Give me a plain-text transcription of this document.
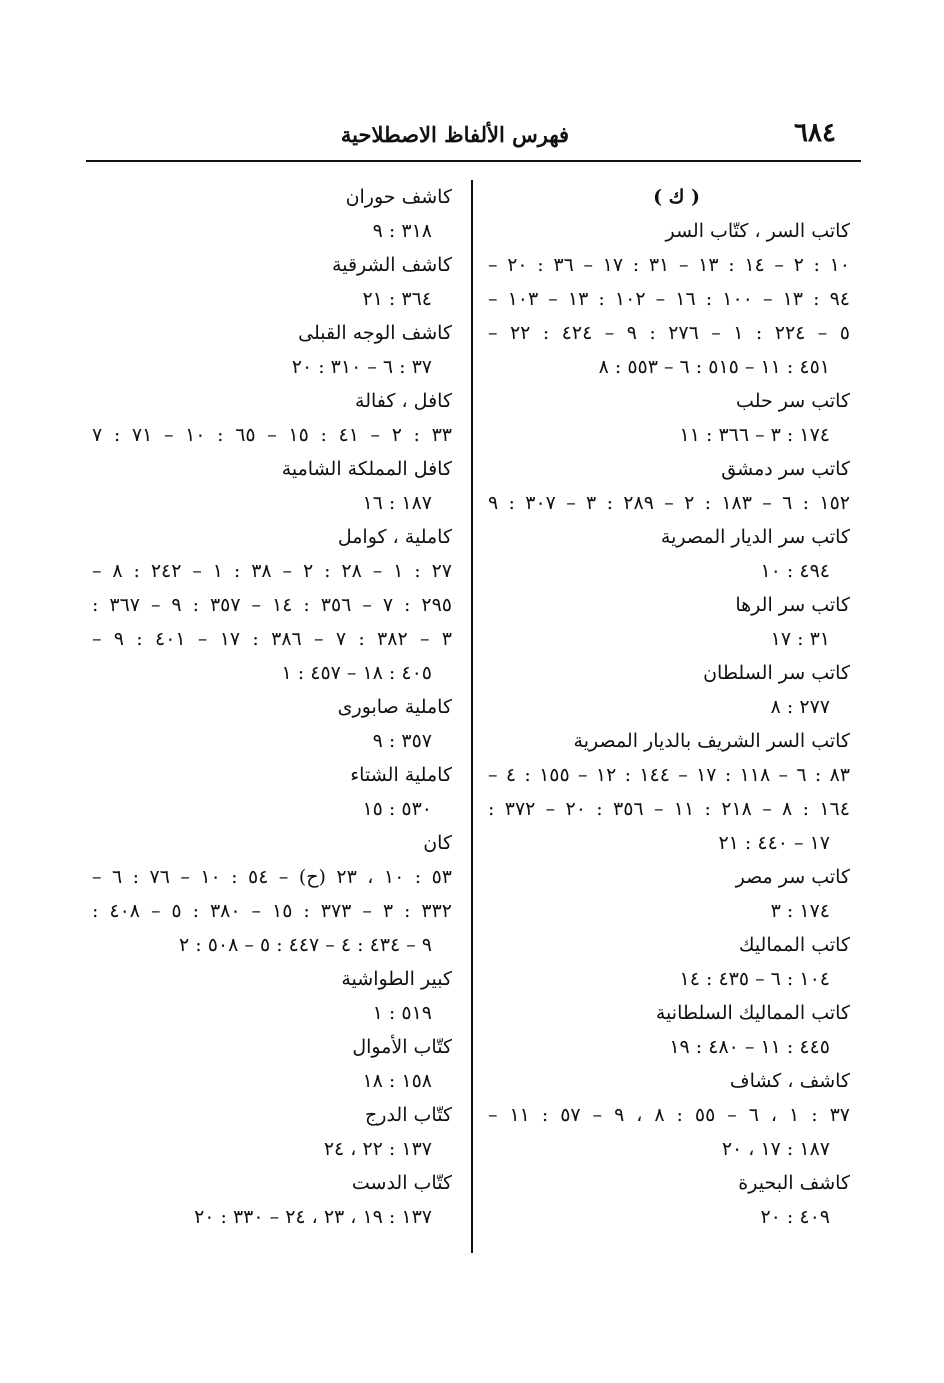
٦٨٤
فهرس الألفاظ الاصطلاحية
( ك )
كاتب السر ، كتّاب السر
١٠ : ٢ – ١٤ : ١٣ – ٣١ : ١٧ – ٣٦ : ٢٠ –
٩٤ : ١٣ – ١٠٠ : ١٦ – ١٠٢ : ١٣ – ١٠٣ –
٥ – ٢٢٤ : ١ – ٢٧٦ : ٩ – ٤٢٤ : ٢٢ –
٤٥١ : ١١ – ٥١٥ : ٦ – ٥٥٣ : ٨
كاتب سر حلب
١٧٤ : ٣ – ٣٦٦ : ١١
كاتب سر دمشق
١٥٢ : ٦ – ١٨٣ : ٢ – ٢٨٩ : ٣ – ٣٠٧ : ٩
كاتب سر الديار المصرية
٤٩٤ : ١٠
كاتب سر الرها
٣١ : ١٧
كاتب سر السلطان
٢٧٧ : ٨
كاتب السر الشريف بالديار المصرية
٨٣ : ٦ – ١١٨ : ١٧ – ١٤٤ : ١٢ – ١٥٥ : ٤ –
١٦٤ : ٨ – ٢١٨ : ١١ – ٣٥٦ : ٢٠ – ٣٧٢ :
١٧ – ٤٤٠ : ٢١
كاتب سر مصر
١٧٤ : ٣
كاتب المماليك
١٠٤ : ٦ – ٤٣٥ : ١٤
كاتب المماليك السلطانية
٤٤٥ : ١١ – ٤٨٠ : ١٩
كاشف ، كشاف
٣٧ : ١ ، ٦ – ٥٥ : ٨ ، ٩ – ٥٧ : ١١ –
١٨٧ : ١٧ ، ٢٠
كاشف البحيرة
٤٠٩ : ٢٠
كاشف حوران
٣١٨ : ٩
كاشف الشرقية
٣٦٤ : ٢١
كاشف الوجه القبلى
٣٧ : ٦ – ٣١٠ : ٢٠
كافل ، كفالة
٣٣ : ٢ – ٤١ : ١٥ – ٦٥ : ١٠ – ٧١ : ٧
كافل المملكة الشامية
١٨٧ : ١٦
كاملية ، كوامل
٢٧ : ١ – ٢٨ : ٢ – ٣٨ : ١ – ٢٤٢ : ٨ –
٢٩٥ : ٧ – ٣٥٦ : ١٤ – ٣٥٧ : ٩ – ٣٦٧ :
٣ – ٣٨٢ : ٧ – ٣٨٦ : ١٧ – ٤٠١ : ٩ –
٤٠٥ : ١٨ – ٤٥٧ : ١
كاملية صابورى
٣٥٧ : ٩
كاملية الشتاء
٥٣٠ : ١٥
كان
٥٣ : ١٠ ، ٢٣ (ح) – ٥٤ : ١٠ – ٧٦ : ٦ –
٣٣٢ : ٣ – ٣٧٣ : ١٥ – ٣٨٠ : ٥ – ٤٠٨ :
٩ – ٤٣٤ : ٤ – ٤٤٧ : ٥ – ٥٠٨ : ٢
كبير الطواشية
٥١٩ : ١
كتّاب الأموال
١٥٨ : ١٨
كتّاب الدرج
١٣٧ : ٢٢ ، ٢٤
كتّاب الدست
١٣٧ : ١٩ ، ٢٣ ، ٢٤ – ٣٣٠ : ٢٠
